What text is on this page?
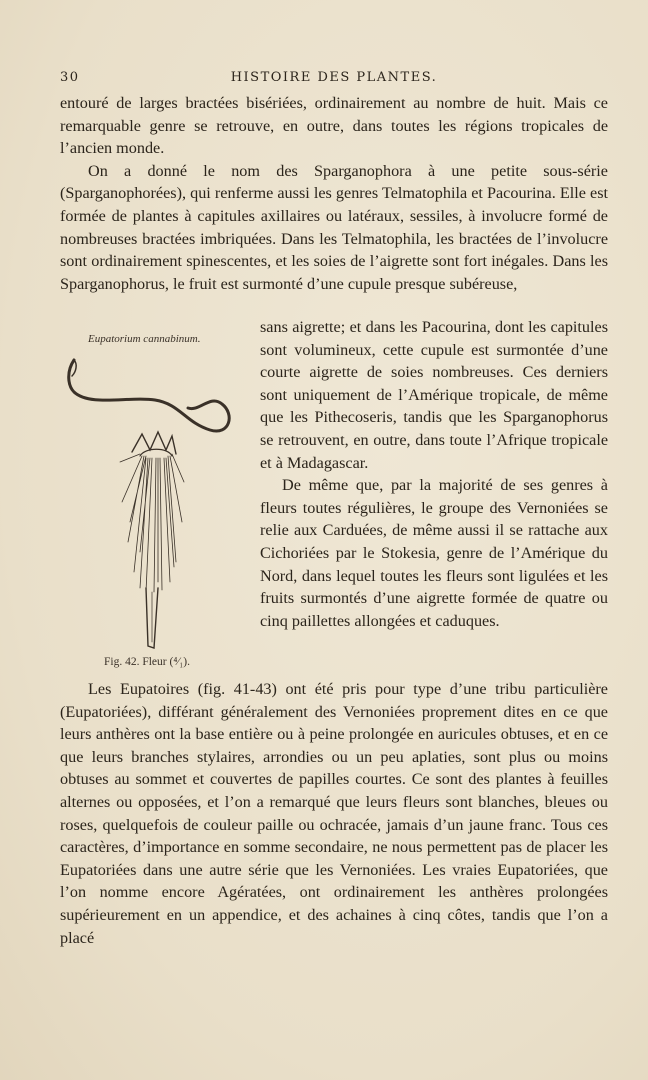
30	HISTOIRE DES PLANTES.

entouré de larges bractées bisériées, ordinairement au nombre de huit. Mais ce remarquable genre se retrouve, en outre, dans toutes les régions tropicales de l’ancien monde.

On a donné le nom des Sparganophora à une petite sous-série (Sparganophorées), qui renferme aussi les genres Telmatophila et Pacourina. Elle est formée de plantes à capitules axillaires ou latéraux, sessiles, à involucre formé de nombreuses bractées imbriquées. Dans les Telmatophila, les bractées de l’involucre sont ordinairement spinescentes, et les soies de l’aigrette sont fort inégales. Dans les Sparganophorus, le fruit est surmonté d’une cupule presque subéreuse,

Eupatorium cannabinum.
Fig. 42. Fleur (⁴⁄₁).

sans aigrette; et dans les Pacourina, dont les capitules sont volumineux, cette cupule est surmontée d’une courte aigrette de soies nombreuses. Ces derniers sont uniquement de l’Amérique tropicale, de même que les Pithecoseris, tandis que les Sparganophorus se retrouvent, en outre, dans toute l’Afrique tropicale et à Madagascar.

De même que, par la majorité de ses genres à fleurs toutes régulières, le groupe des Vernoniées se relie aux Carduées, de même aussi il se rattache aux Cichoriées par le Stokesia, genre de l’Amérique du Nord, dans lequel toutes les fleurs sont ligulées et les fruits surmontés d’une aigrette formée de quatre ou cinq paillettes allongées et caduques.

Les Eupatoires (fig. 41-43) ont été pris pour type d’une tribu particulière (Eupatoriées), différant généralement des Vernoniées proprement dites en ce que leurs anthères ont la base entière ou à peine prolongée en auricules obtuses, et en ce que leurs branches stylaires, arrondies ou un peu aplaties, sont plus ou moins obtuses au sommet et couvertes de papilles courtes. Ce sont des plantes à feuilles alternes ou opposées, et l’on a remarqué que leurs fleurs sont blanches, bleues ou roses, quelquefois de couleur paille ou ochracée, jamais d’un jaune franc. Tous ces caractères, d’importance en somme secondaire, ne nous permettent pas de placer les Eupatoriées dans une autre série que les Vernoniées. Les vraies Eupatoriées, que l’on nomme encore Agératées, ont ordinairement les anthères prolongées supérieurement en un appendice, et des achaines à cinq côtes, tandis que l’on a placé
